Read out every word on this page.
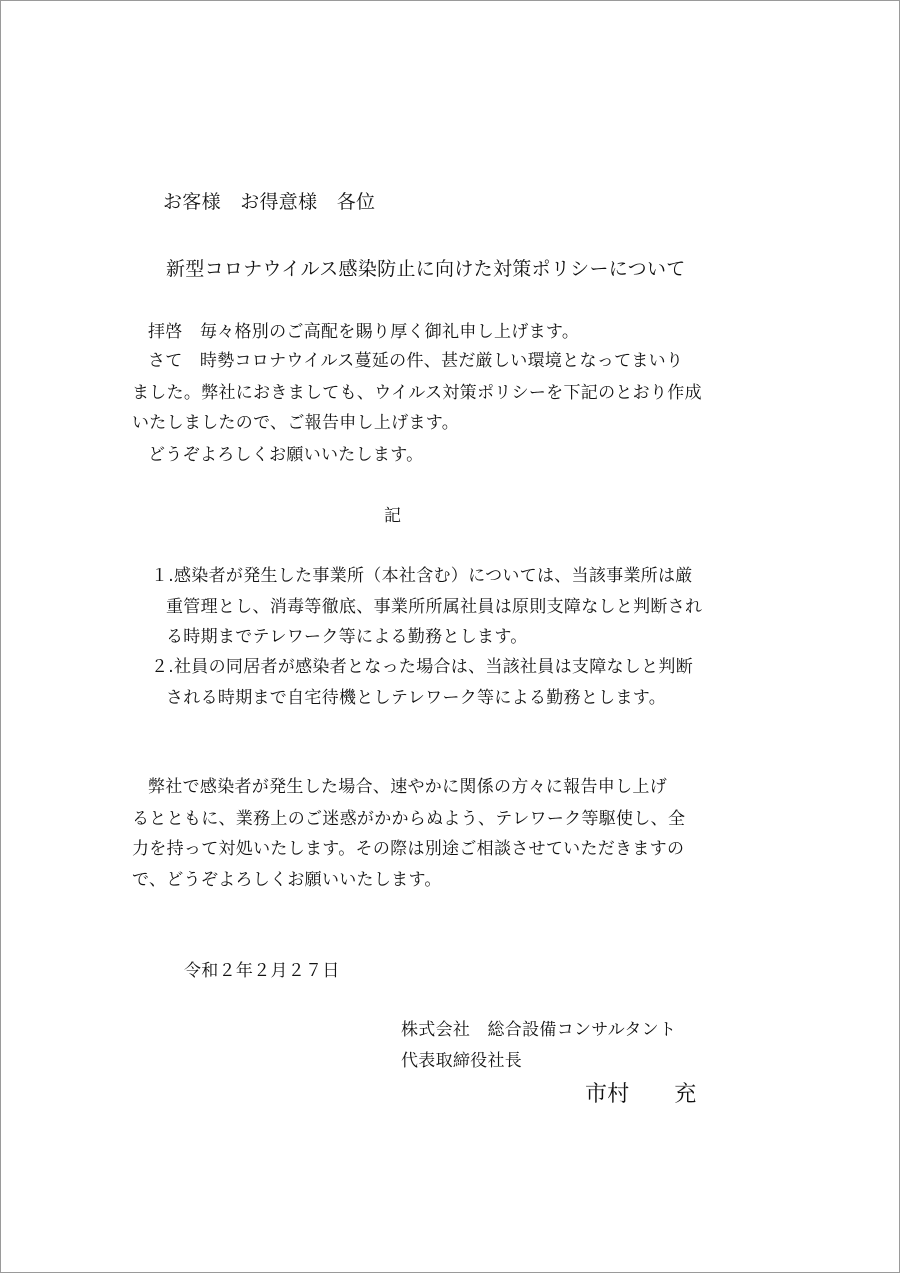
お客様　お得意様　各位
新型コロナウイルス感染防止に向けた対策ポリシーについて
拝啓　毎々格別のご高配を賜り厚く御礼申し上げます。
さて　時勢コロナウイルス蔓延の件、甚だ厳しい環境となってまいり
ました。弊社におきましても、ウイルス対策ポリシーを下記のとおり作成
いたしましたので、ご報告申し上げます。
どうぞよろしくお願いいたします。
記
１.感染者が発生した事業所（本社含む）については、当該事業所は厳
重管理とし、消毒等徹底、事業所所属社員は原則支障なしと判断され
る時期までテレワーク等による勤務とします。
２.社員の同居者が感染者となった場合は、当該社員は支障なしと判断
される時期まで自宅待機としテレワーク等による勤務とします。
弊社で感染者が発生した場合、速やかに関係の方々に報告申し上げ
るとともに、業務上のご迷惑がかからぬよう、テレワーク等駆使し、全
力を持って対処いたします。その際は別途ご相談させていただきますの
で、どうぞよろしくお願いいたします。
令和２年２月２７日
株式会社　総合設備コンサルタント
代表取締役社長
市村　　充
